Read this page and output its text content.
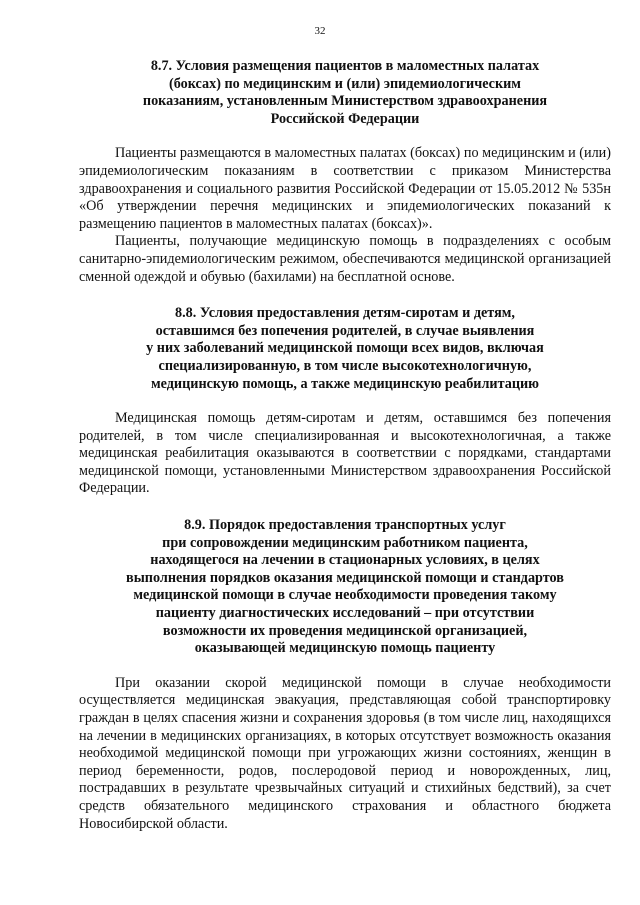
32
8.7. Условия размещения пациентов в маломестных палатах
(боксах) по медицинским и (или) эпидемиологическим
показаниям, установленным Министерством здравоохранения
Российской Федерации

Пациенты размещаются в маломестных палатах (боксах) по медицинским и (или) эпидемиологическим показаниям в соответствии с приказом Министерства здравоохранения и социального развития Российской Федерации от 15.05.2012 № 535н «Об утверждении перечня медицинских и эпидемиологических показаний к размещению пациентов в маломестных палатах (боксах)».

Пациенты, получающие медицинскую помощь в подразделениях с особым санитарно-эпидемиологическим режимом, обеспечиваются медицинской организацией сменной одеждой и обувью (бахилами) на бесплатной основе.

8.8. Условия предоставления детям-сиротам и детям,
оставшимся без попечения родителей, в случае выявления
у них заболеваний медицинской помощи всех видов, включая
специализированную, в том числе высокотехнологичную,
медицинскую помощь, а также медицинскую реабилитацию

Медицинская помощь детям-сиротам и детям, оставшимся без попечения родителей, в том числе специализированная и высокотехнологичная, а также медицинская реабилитация оказываются в соответствии с порядками, стандартами медицинской помощи, установленными Министерством здравоохранения Российской Федерации.

8.9. Порядок предоставления транспортных услуг
при сопровождении медицинским работником пациента,
находящегося на лечении в стационарных условиях, в целях
выполнения порядков оказания медицинской помощи и стандартов
медицинской помощи в случае необходимости проведения такому
пациенту диагностических исследований – при отсутствии
возможности их проведения медицинской организацией,
оказывающей медицинскую помощь пациенту

При оказании скорой медицинской помощи в случае необходимости осуществляется медицинская эвакуация, представляющая собой транспортировку граждан в целях спасения жизни и сохранения здоровья (в том числе лиц, находящихся на лечении в медицинских организациях, в которых отсутствует возможность оказания необходимой медицинской помощи при угрожающих жизни состояниях, женщин в период беременности, родов, послеродовой период и новорожденных, лиц, пострадавших в результате чрезвычайных ситуаций и стихийных бедствий), за счет средств обязательного медицинского страхования и областного бюджета Новосибирской области.
